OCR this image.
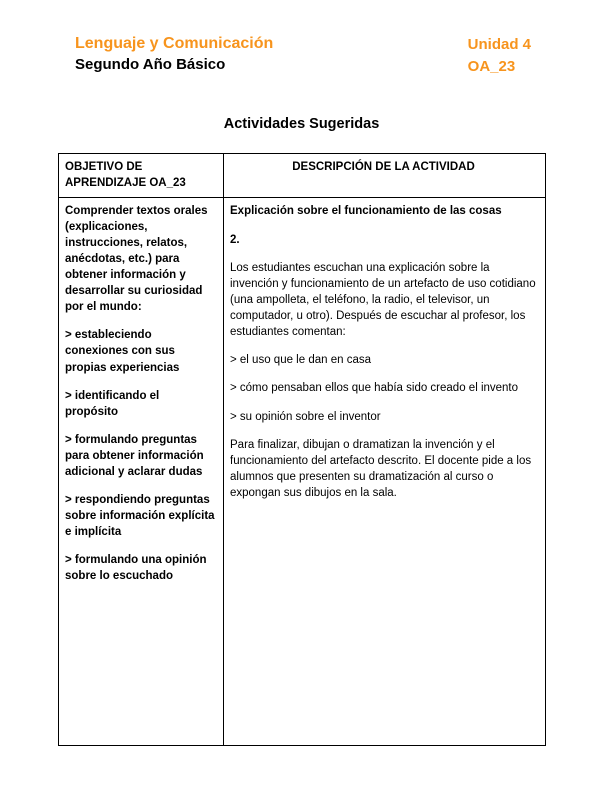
Lenguaje y Comunicación
Segundo Año Básico
Unidad 4
OA_23
Actividades Sugeridas
OBJETIVO DE APRENDIZAJE OA_23	DESCRIPCIÓN DE LA ACTIVIDAD

Comprender textos orales (explicaciones, instrucciones, relatos, anécdotas, etc.) para obtener información y desarrollar su curiosidad por el mundo:
> estableciendo conexiones con sus propias experiencias
> identificando el propósito
> formulando preguntas para obtener información adicional y aclarar dudas
> respondiendo preguntas sobre información explícita e implícita
> formulando una opinión sobre lo escuchado

Explicación sobre el funcionamiento de las cosas
2.
Los estudiantes escuchan una explicación sobre la invención y funcionamiento de un artefacto de uso cotidiano (una ampolleta, el teléfono, la radio, el televisor, un computador, u otro). Después de escuchar al profesor, los estudiantes comentan:
> el uso que le dan en casa
> cómo pensaban ellos que había sido creado el invento
> su opinión sobre el inventor
Para finalizar, dibujan o dramatizan la invención y el funcionamiento del artefacto descrito. El docente pide a los alumnos que presenten su dramatización al curso o expongan sus dibujos en la sala.
